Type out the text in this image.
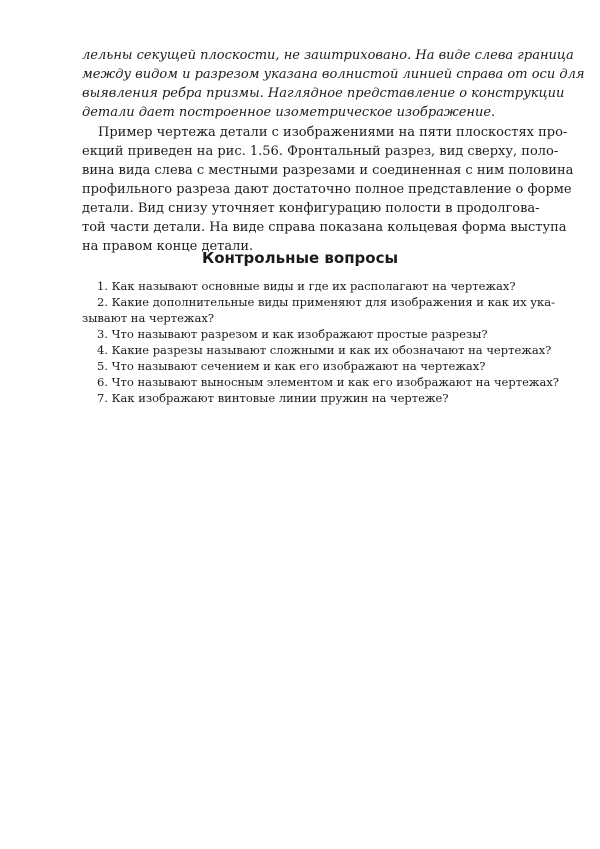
лельны секущей плоскости, не заштриховано. На виде слева граница
между видом и разрезом указана волнистой линией справа от оси для
выявления ребра призмы. Наглядное представление о конструкции
детали дает построенное изометрическое изображение.
Пример чертежа детали с изображениями на пяти плоскостях про-
екций приведен на рис. 1.56. Фронтальный разрез, вид сверху, поло-
вина вида слева с местными разрезами и соединенная с ним половина
профильного разреза дают достаточно полное представление о форме
детали. Вид снизу уточняет конфигурацию полости в продолговa-
той части детали. На виде справа показана кольцевая форма выступа
на правом конце детали.
Контрольные вопросы
1. Как называют основные виды и где их располагают на чертежах?
2. Какие дополнительные виды применяют для изображения и как их ука-
зывают на чертежах?
3. Что называют разрезом и как изображают простые разрезы?
4. Какие разрезы называют сложными и как их обозначают на чертежах?
5. Что называют сечением и как его изображают на чертежах?
6. Что называют выносным элементом и как его изображают на чертежах?
7. Как изображают винтовые линии пружин на чертеже?
